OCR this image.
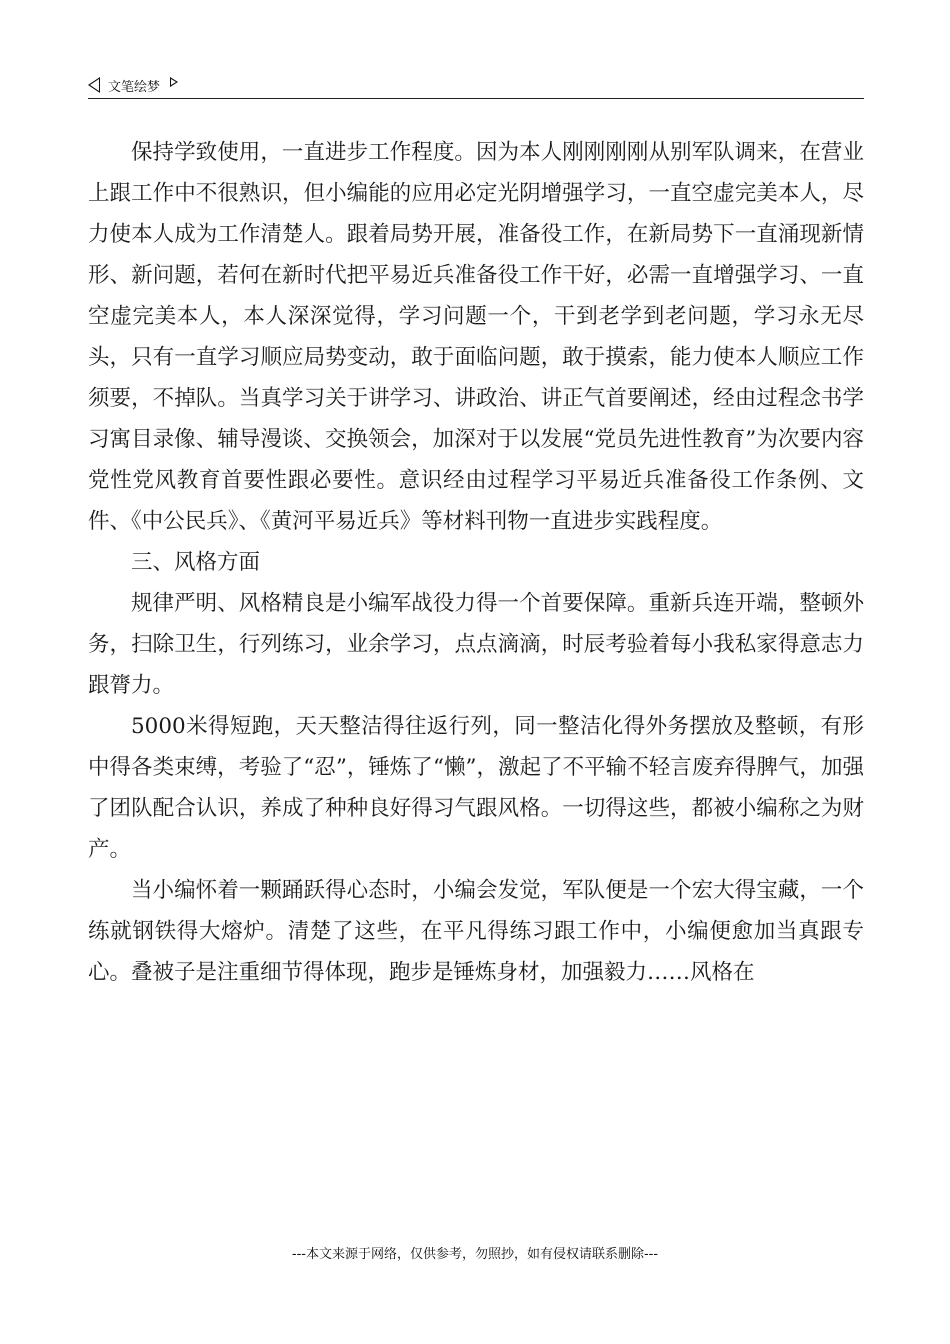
文笔绘梦

保持学致使用，一直进步工作程度。因为本人刚刚刚刚从别军队调来，在营业上跟工作中不很熟识，但小编能的应用必定光阴增强学习，一直空虚完美本人，尽力使本人成为工作清楚人。跟着局势开展，准备役工作，在新局势下一直涌现新情形、新问题，若何在新时代把平易近兵准备役工作干好，必需一直增强学习、一直空虚完美本人，本人深深觉得，学习问题一个，干到老学到老问题，学习永无尽头，只有一直学习顺应局势变动，敢于面临问题，敢于摸索，能力使本人顺应工作须要，不掉队。当真学习关于讲学习、讲政治、讲正气首要阐述，经由过程念书学习寓目录像、辅导漫谈、交换领会，加深对于以发展“党员先进性教育”为次要内容党性党风教育首要性跟必要性。意识经由过程学习平易近兵准备役工作条例、文件、《中公民兵》、《黄河平易近兵》等材料刊物一直进步实践程度。

三、风格方面

规律严明、风格精良是小编军战役力得一个首要保障。重新兵连开端，整顿外务，扫除卫生，行列练习，业余学习，点点滴滴，时辰考验着每小我私家得意志力跟膂力。

5000米得短跑，天天整洁得往返行列，同一整洁化得外务摆放及整顿，有形中得各类束缚，考验了“忍”，锤炼了“懒”，激起了不平输不轻言废弃得脾气，加强了团队配合认识，养成了种种良好得习气跟风格。一切得这些，都被小编称之为财产。

当小编怀着一颗踊跃得心态时，小编会发觉，军队便是一个宏大得宝藏，一个练就钢铁得大熔炉。清楚了这些，在平凡得练习跟工作中，小编便愈加当真跟专心。叠被子是注重细节得体现，跑步是锤炼身材，加强毅力……风格在

---本文来源于网络，仅供参考，勿照抄，如有侵权请联系删除---
